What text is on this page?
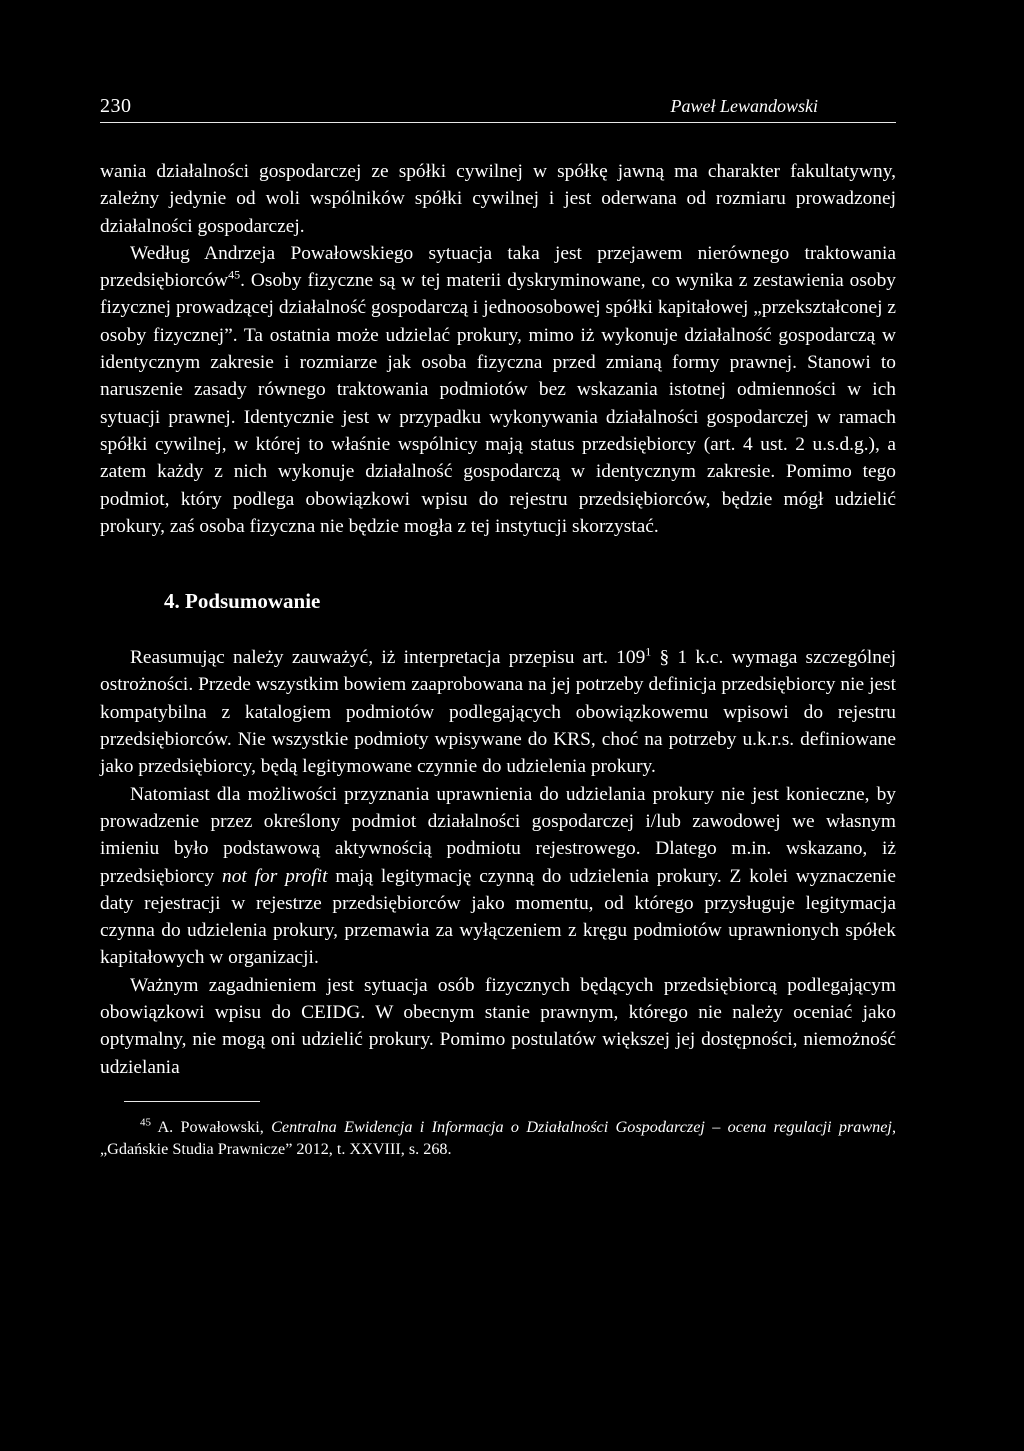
230	Paweł Lewandowski

wania działalności gospodarczej ze spółki cywilnej w spółkę jawną ma charakter fakultatywny, zależny jedynie od woli wspólników spółki cywilnej i jest oderwana od rozmiaru prowadzonej działalności gospodarczej.

Według Andrzeja Powałowskiego sytuacja taka jest przejawem nierównego traktowania przedsiębiorców$^{45}$. Osoby fizyczne są w tej materii dyskryminowane, co wynika z zestawienia osoby fizycznej prowadzącej działalność gospodarczą i jednoosobowej spółki kapitałowej „przekształconej z osoby fizycznej”. Ta ostatnia może udzielać prokury, mimo iż wykonuje działalność gospodarczą w identycznym zakresie i rozmiarze jak osoba fizyczna przed zmianą formy prawnej. Stanowi to naruszenie zasady równego traktowania podmiotów bez wskazania istotnej odmienności w ich sytuacji prawnej. Identycznie jest w przypadku wykonywania działalności gospodarczej w ramach spółki cywilnej, w której to właśnie wspólnicy mają status przedsiębiorcy (art. 4 ust. 2 u.s.d.g.), a zatem każdy z nich wykonuje działalność gospodarczą w identycznym zakresie. Pomimo tego podmiot, który podlega obowiązkowi wpisu do rejestru przedsiębiorców, będzie mógł udzielić prokury, zaś osoba fizyczna nie będzie mogła z tej instytucji skorzystać.

4. Podsumowanie

Reasumując należy zauważyć, iż interpretacja przepisu art. $109^1$ § 1 k.c. wymaga szczególnej ostrożności. Przede wszystkim bowiem zaaprobowana na jej potrzeby definicja przedsiębiorcy nie jest kompatybilna z katalogiem podmiotów podlegających obowiązkowemu wpisowi do rejestru przedsiębiorców. Nie wszystkie podmioty wpisywane do KRS, choć na potrzeby u.k.r.s. definiowane jako przedsiębiorcy, będą legitymowane czynnie do udzielenia prokury.

Natomiast dla możliwości przyznania uprawnienia do udzielania prokury nie jest konieczne, by prowadzenie przez określony podmiot działalności gospodarczej i/lub zawodowej we własnym imieniu było podstawową aktywnością podmiotu rejestrowego. Dlatego m.in. wskazano, iż przedsiębiorcy not for profit mają legitymację czynną do udzielenia prokury. Z kolei wyznaczenie daty rejestracji w rejestrze przedsiębiorców jako momentu, od którego przysługuje legitymacja czynna do udzielenia prokury, przemawia za wyłączeniem z kręgu podmiotów uprawnionych spółek kapitałowych w organizacji.

Ważnym zagadnieniem jest sytuacja osób fizycznych będących przedsiębiorcą podlegającym obowiązkowi wpisu do CEIDG. W obecnym stanie prawnym, którego nie należy oceniać jako optymalny, nie mogą oni udzielić prokury. Pomimo postulatów większej jej dostępności, niemożność udzielania

$^{45}$ A. Powałowski, Centralna Ewidencja i Informacja o Działalności Gospodarczej – ocena regulacji prawnej, „Gdańskie Studia Prawnicze” 2012, t. XXVIII, s. 268.
